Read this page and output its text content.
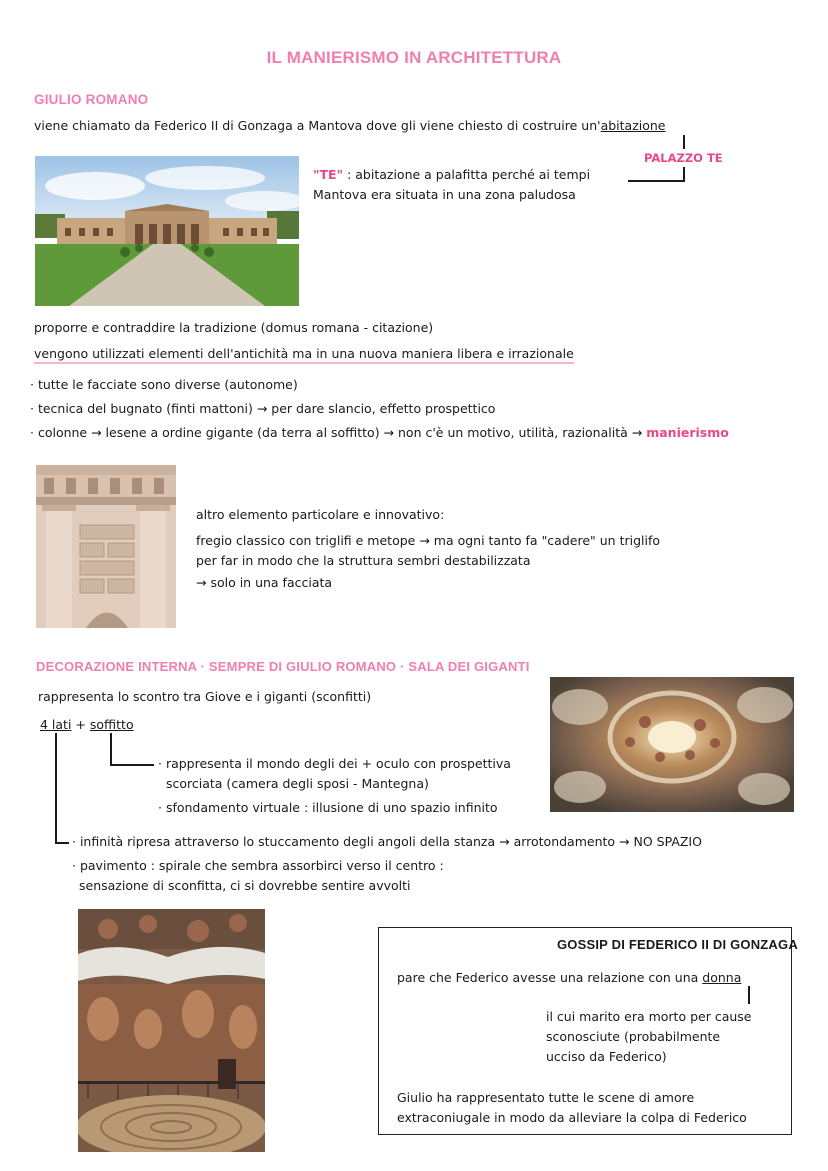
IL MANIERISMO IN ARCHITETTURA
GIULIO ROMANO
viene chiamato da Federico II di Gonzaga a Mantova dove gli viene chiesto di costruire un'abitazione
PALAZZO TE
"TE" : abitazione a palafitta perché ai tempi
Mantova era situata in una zona paludosa
proporre e contraddire la tradizione (domus romana - citazione)
vengono utilizzati elementi dell'antichità ma in una nuova maniera libera e irrazionale
· tutte le facciate sono diverse (autonome)
· tecnica del bugnato (finti mattoni) → per dare slancio, effetto prospettico
· colonne → lesene a ordine gigante (da terra al soffitto) → non c'è un motivo, utilità, razionalità → manierismo
altro elemento particolare e innovativo:
fregio classico con triglifi e metope → ma ogni tanto fa "cadere" un triglifo
per far in modo che la struttura sembri destabilizzata
→ solo in una facciata
DECORAZIONE INTERNA · SEMPRE DI GIULIO ROMANO · SALA DEI GIGANTI
rappresenta lo scontro tra Giove e i giganti (sconfitti)
4 lati + soffitto
· rappresenta il mondo degli dei + oculo con prospettiva
scorciata (camera degli sposi - Mantegna)
· sfondamento virtuale : illusione di uno spazio infinito
· infinità ripresa attraverso lo stuccamento degli angoli della stanza → arrotondamento → NO SPAZIO
· pavimento : spirale che sembra assorbirci verso il centro :
sensazione di sconfitta, ci si dovrebbe sentire avvolti
GOSSIP DI FEDERICO II DI GONZAGA
pare che Federico avesse una relazione con una donna
il cui marito era morto per cause
sconosciute (probabilmente
ucciso da Federico)
Giulio ha rappresentato tutte le scene di amore
extraconiugale in modo da alleviare la colpa di Federico
